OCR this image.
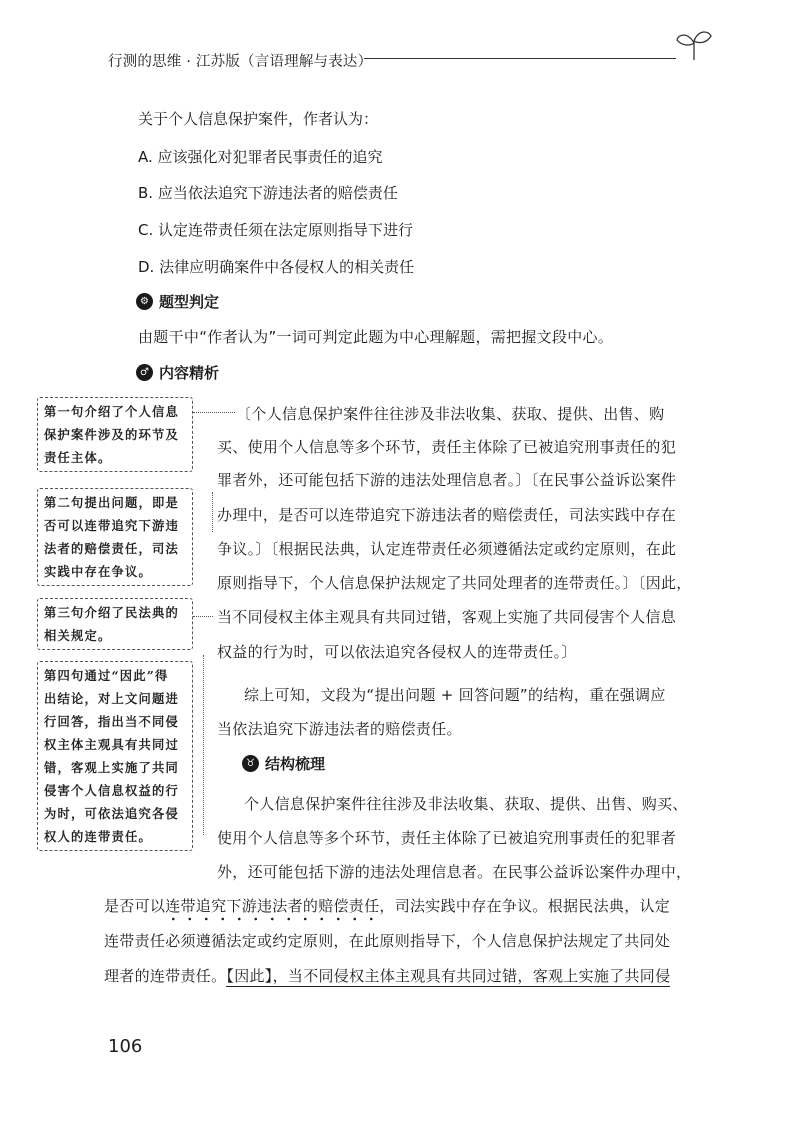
行测的思维 · 江苏版（言语理解与表达）
关于个人信息保护案件，作者认为：
A. 应该强化对犯罪者民事责任的追究
B. 应当依法追究下游违法者的赔偿责任
C. 认定连带责任须在法定原则指导下进行
D. 法律应明确案件中各侵权人的相关责任
⚙ 题型判定
由题干中“作者认为”一词可判定此题为中心理解题，需把握文段中心。
♂ 内容精析
〔个人信息保护案件往往涉及非法收集、获取、提供、出售、购
买、使用个人信息等多个环节，责任主体除了已被追究刑事责任的犯
罪者外，还可能包括下游的违法处理信息者。〕〔在民事公益诉讼案件
办理中，是否可以连带追究下游违法者的赔偿责任，司法实践中存在
争议。〕〔根据民法典，认定连带责任必须遵循法定或约定原则，在此
原则指导下，个人信息保护法规定了共同处理者的连带责任。〕〔因此，
当不同侵权主体主观具有共同过错，客观上实施了共同侵害个人信息
权益的行为时，可以依法追究各侵权人的连带责任。〕
综上可知，文段为“提出问题 + 回答问题”的结构，重在强调应
当依法追究下游违法者的赔偿责任。
♉ 结构梳理
个人信息保护案件往往涉及非法收集、获取、提供、出售、购买、
使用个人信息等多个环节，责任主体除了已被追究刑事责任的犯罪者
外，还可能包括下游的违法处理信息者。在民事公益诉讼案件办理中，
是否可以连带追究下游违法者的赔偿责任，司法实践中存在争议。根据民法典，认定
连带责任必须遵循法定或约定原则，在此原则指导下，个人信息保护法规定了共同处
理者的连带责任。【因此】，当不同侵权主体主观具有共同过错，客观上实施了共同侵
第一句介绍了个人信息
保护案件涉及的环节及
责任主体。
第二句提出问题，即是
否可以连带追究下游违
法者的赔偿责任，司法
实践中存在争议。
第三句介绍了民法典的
相关规定。
第四句通过“因此”得
出结论，对上文问题进
行回答，指出当不同侵
权主体主观具有共同过
错，客观上实施了共同
侵害个人信息权益的行
为时，可依法追究各侵
权人的连带责任。
106
